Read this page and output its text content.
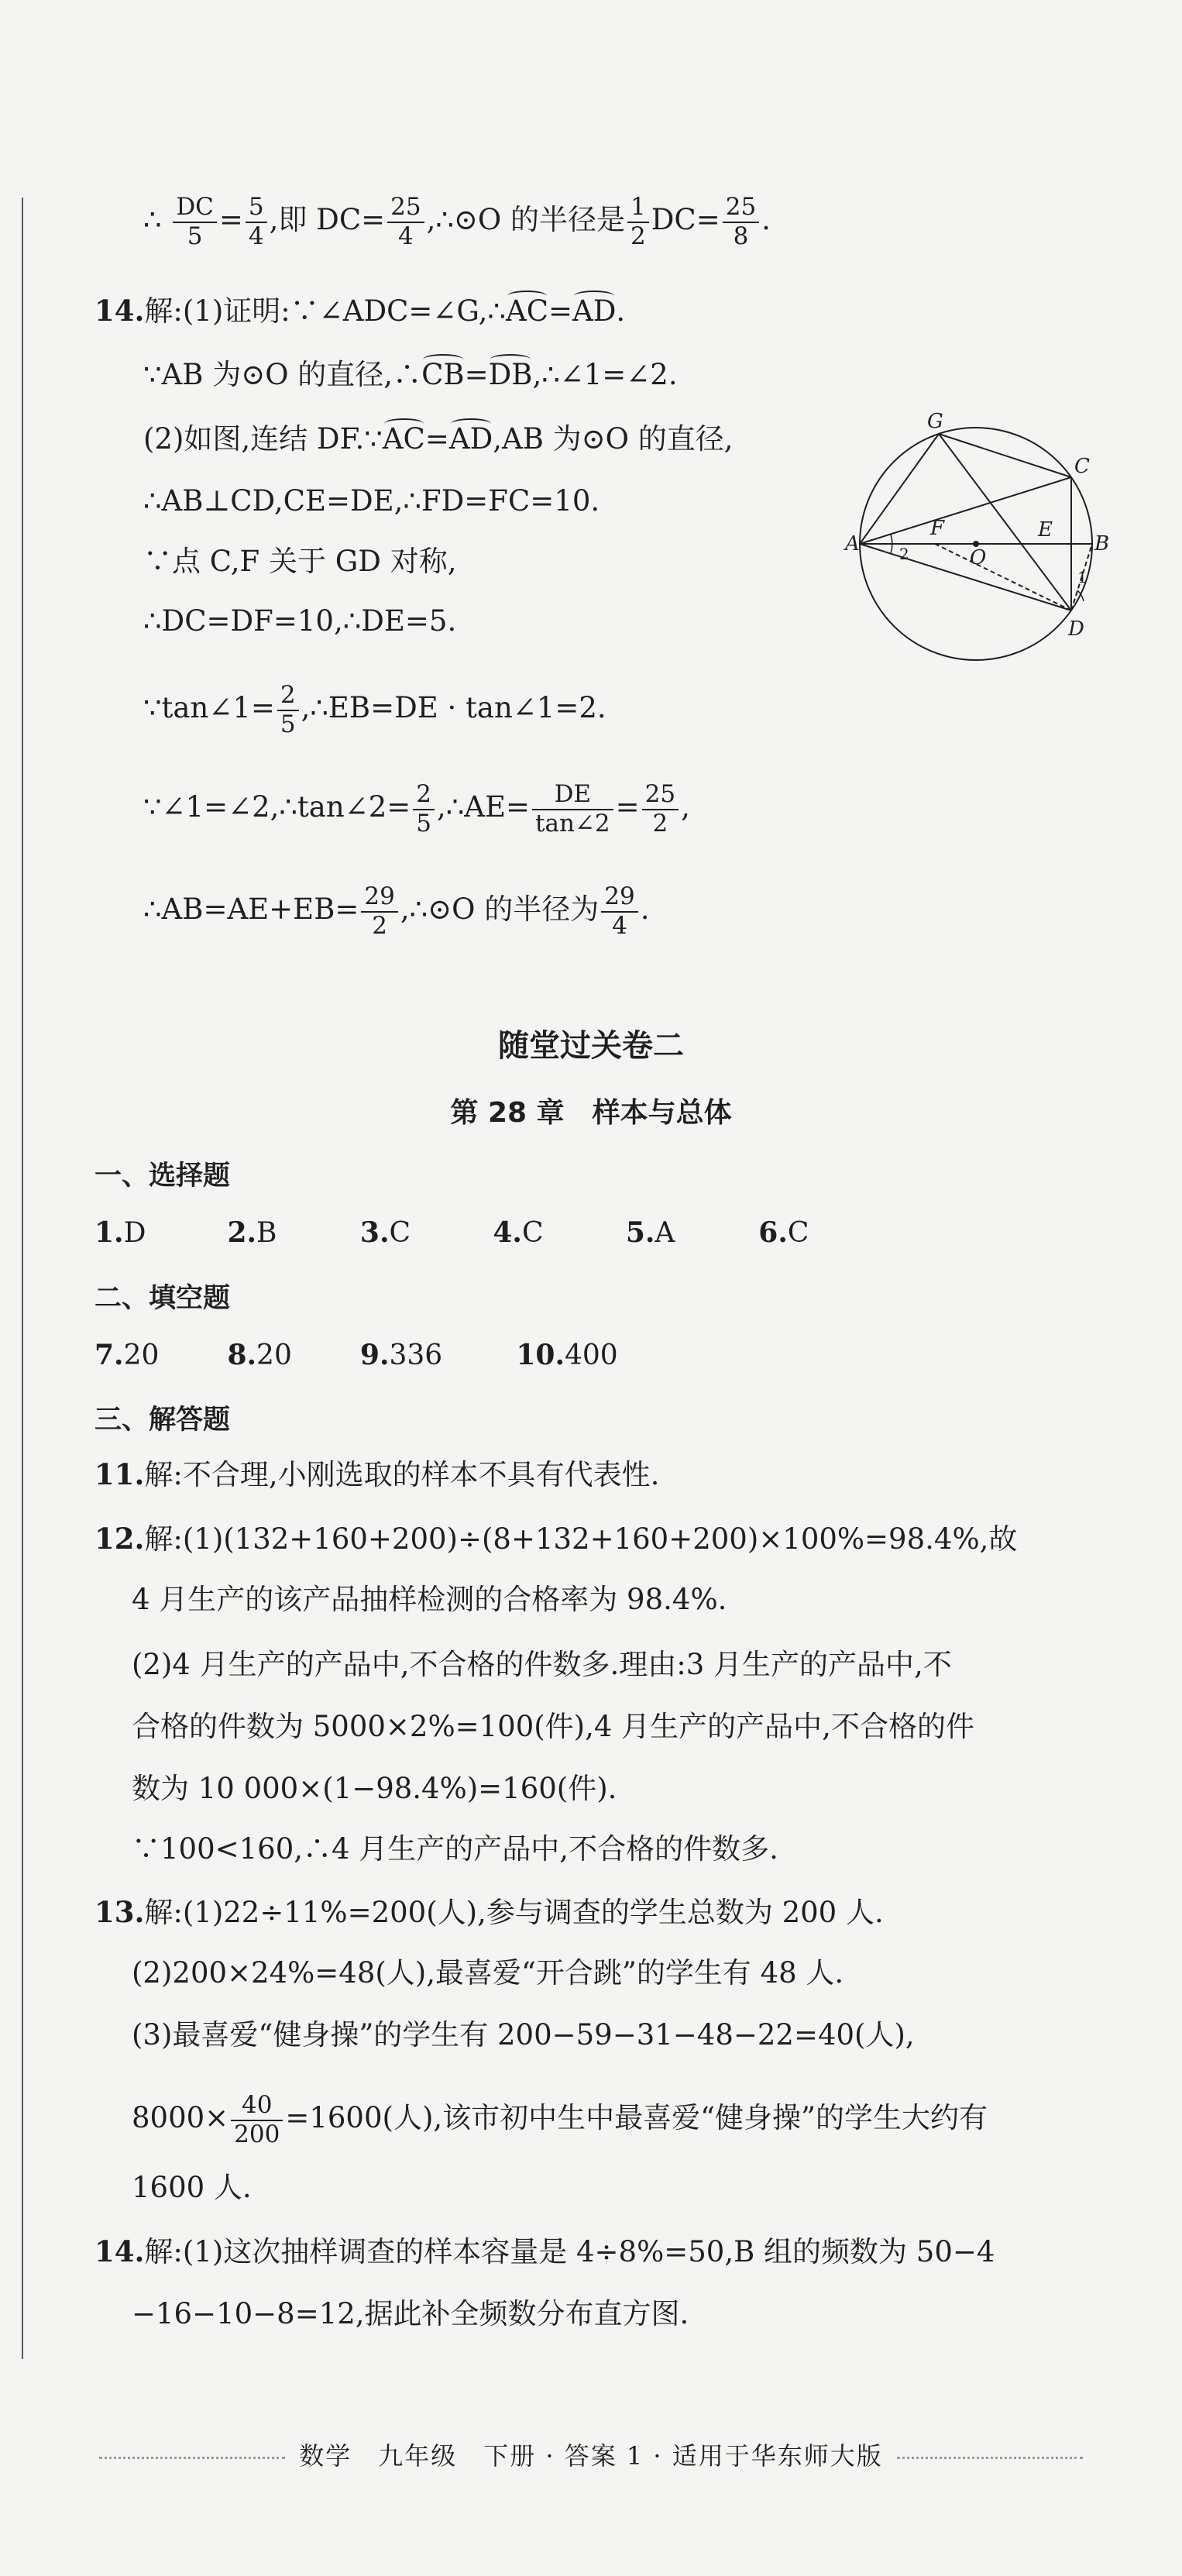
∴ $\frac{DC}{5} = \frac{5}{4}$ ,即 $DC= \frac{25}{4}$ ,∴⊙O 的半径是 $\frac{1}{2} DC= \frac{25}{8}$ .
14.解:(1)证明:∵∠ADC=∠G,∴AC=AD.
∵AB 为⊙O 的直径,∴CB=DB,∴∠1=∠2.
(2)如图,连结 DF.∵AC=AD,AB 为⊙O 的直径,
∴AB⊥CD,CE=DE,∴FD=FC=10.
∵点 C,F 关于 GD 对称,
∴DC=DF=10,∴DE=5.
∵tan∠1= $\frac{2}{5}$ ,∴EB=DE · tan∠1=2.
∵∠1=∠2,∴tan∠2= $\frac{2}{5}$ ,∴AE= $\frac{DE}{\tan\angle 2} = \frac{25}{2}$ ,
∴AB=AE+EB= $\frac{29}{2}$ ,∴⊙O 的半径为 $\frac{29}{4}$ .
G
C
A
F
O
E
B
D
1
2
随堂过关卷二
第 28 章　样本与总体
一、选择题
1.D	2.B	3.C	4.C	5.A	6.C
二、填空题
7.20 8.20 9.336	10.400
三、解答题
11.解:不合理,小刚选取的样本不具有代表性.
12.解:(1)(132+160+200)÷(8+132+160+200)×100%=98.4%,故
4 月生产的该产品抽样检测的合格率为 98.4%.
(2)4 月生产的产品中,不合格的件数多.理由:3 月生产的产品中,不
合格的件数为 5000×2%=100(件),4 月生产的产品中,不合格的件
数为 10 000×(1−98.4%)=160(件).
∵100<160,∴4 月生产的产品中,不合格的件数多.
13.解:(1)22÷11%=200(人),参与调查的学生总数为 200 人.
(2)200×24%=48(人),最喜爱“开合跳”的学生有 48 人.
(3)最喜爱“健身操”的学生有 200−59−31−48−22=40(人),
$8000\times \frac{40}{200} =1600$(人),该市初中生中最喜爱“健身操”的学生大约有
1600 人.
14.解:(1)这次抽样调查的样本容量是 4÷8%=50,B 组的频数为 50−4
−16−10−8=12,据此补全频数分布直方图.
数学　九年级　下册 · 答案 1 · 适用于华东师大版
